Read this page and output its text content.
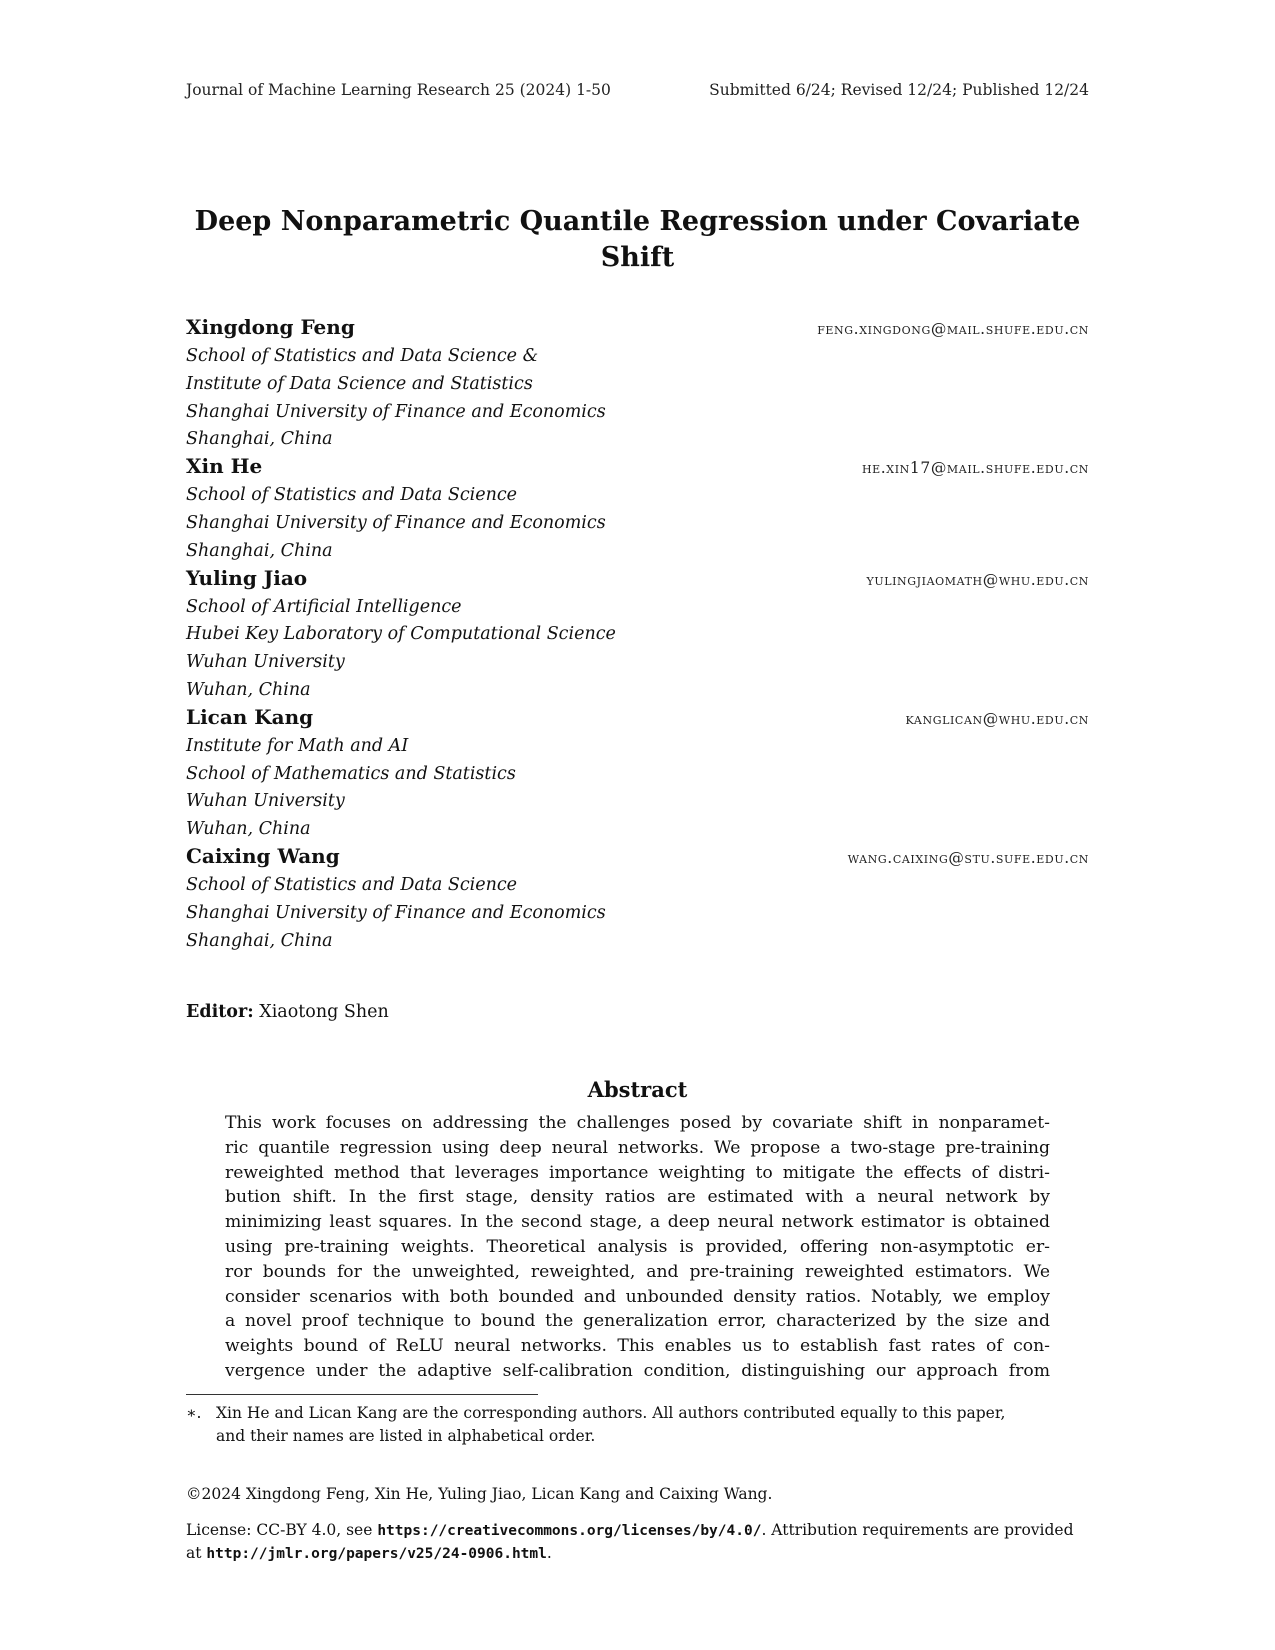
Journal of Machine Learning Research 25 (2024) 1-50	Submitted 6/24; Revised 12/24; Published 12/24
Deep Nonparametric Quantile Regression under Covariate
Shift
Xingdong Feng	feng.xingdong@mail.shufe.edu.cn
School of Statistics and Data Science &
Institute of Data Science and Statistics
Shanghai University of Finance and Economics
Shanghai, China
Xin He	he.xin17@mail.shufe.edu.cn
School of Statistics and Data Science
Shanghai University of Finance and Economics
Shanghai, China
Yuling Jiao	yulingjiaomath@whu.edu.cn
School of Artificial Intelligence
Hubei Key Laboratory of Computational Science
Wuhan University
Wuhan, China
Lican Kang	kanglican@whu.edu.cn
Institute for Math and AI
School of Mathematics and Statistics
Wuhan University
Wuhan, China
Caixing Wang	wang.caixing@stu.sufe.edu.cn
School of Statistics and Data Science
Shanghai University of Finance and Economics
Shanghai, China
Editor: Xiaotong Shen
Abstract
This work focuses on addressing the challenges posed by covariate shift in nonparamet-
ric quantile regression using deep neural networks. We propose a two-stage pre-training
reweighted method that leverages importance weighting to mitigate the effects of distri-
bution shift. In the first stage, density ratios are estimated with a neural network by
minimizing least squares. In the second stage, a deep neural network estimator is obtained
using pre-training weights. Theoretical analysis is provided, offering non-asymptotic er-
ror bounds for the unweighted, reweighted, and pre-training reweighted estimators. We
consider scenarios with both bounded and unbounded density ratios. Notably, we employ
a novel proof technique to bound the generalization error, characterized by the size and
weights bound of ReLU neural networks. This enables us to establish fast rates of con-
vergence under the adaptive self-calibration condition, distinguishing our approach from
∗. Xin He and Lican Kang are the corresponding authors. All authors contributed equally to this paper,
and their names are listed in alphabetical order.
©2024 Xingdong Feng, Xin He, Yuling Jiao, Lican Kang and Caixing Wang.
License: CC-BY 4.0, see https://creativecommons.org/licenses/by/4.0/. Attribution requirements are provided
at http://jmlr.org/papers/v25/24-0906.html.
